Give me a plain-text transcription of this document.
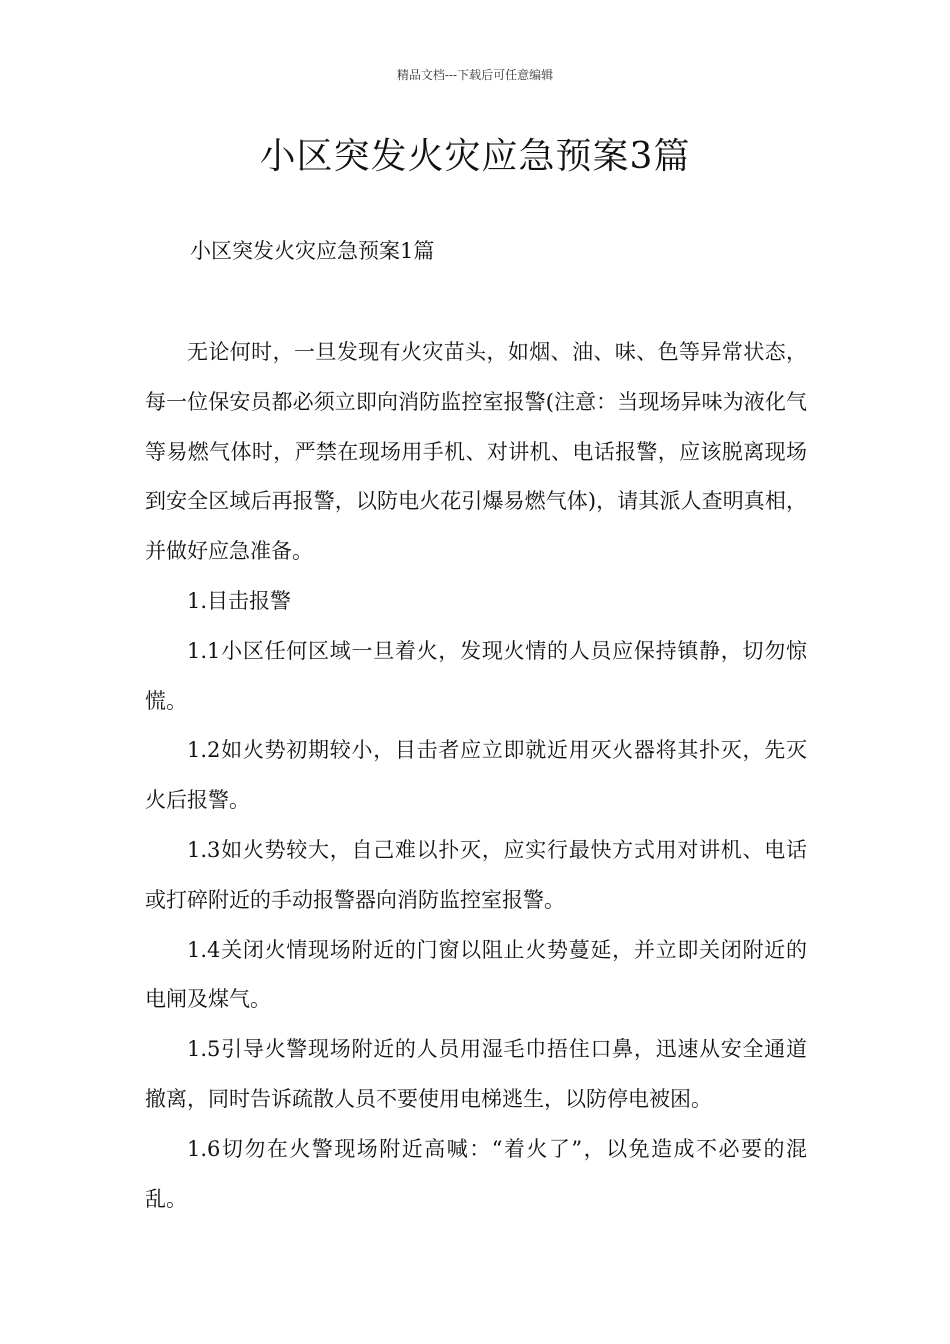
精品文档---下载后可任意编辑
小区突发火灾应急预案3篇

小区突发火灾应急预案1篇

无论何时，一旦发现有火灾苗头，如烟、油、味、色等异常状态，每一位保安员都必须立即向消防监控室报警(注意：当现场异味为液化气等易燃气体时，严禁在现场用手机、对讲机、电话报警，应该脱离现场到安全区域后再报警，以防电火花引爆易燃气体)，请其派人查明真相，并做好应急准备。

1.目击报警

1.1小区任何区域一旦着火，发现火情的人员应保持镇静，切勿惊慌。

1.2如火势初期较小，目击者应立即就近用灭火器将其扑灭，先灭火后报警。

1.3如火势较大，自己难以扑灭，应实行最快方式用对讲机、电话或打碎附近的手动报警器向消防监控室报警。

1.4关闭火情现场附近的门窗以阻止火势蔓延，并立即关闭附近的电闸及煤气。

1.5引导火警现场附近的人员用湿毛巾捂住口鼻，迅速从安全通道撤离，同时告诉疏散人员不要使用电梯逃生，以防停电被困。

1.6切勿在火警现场附近高喊：“着火了”，以免造成不必要的混乱。
